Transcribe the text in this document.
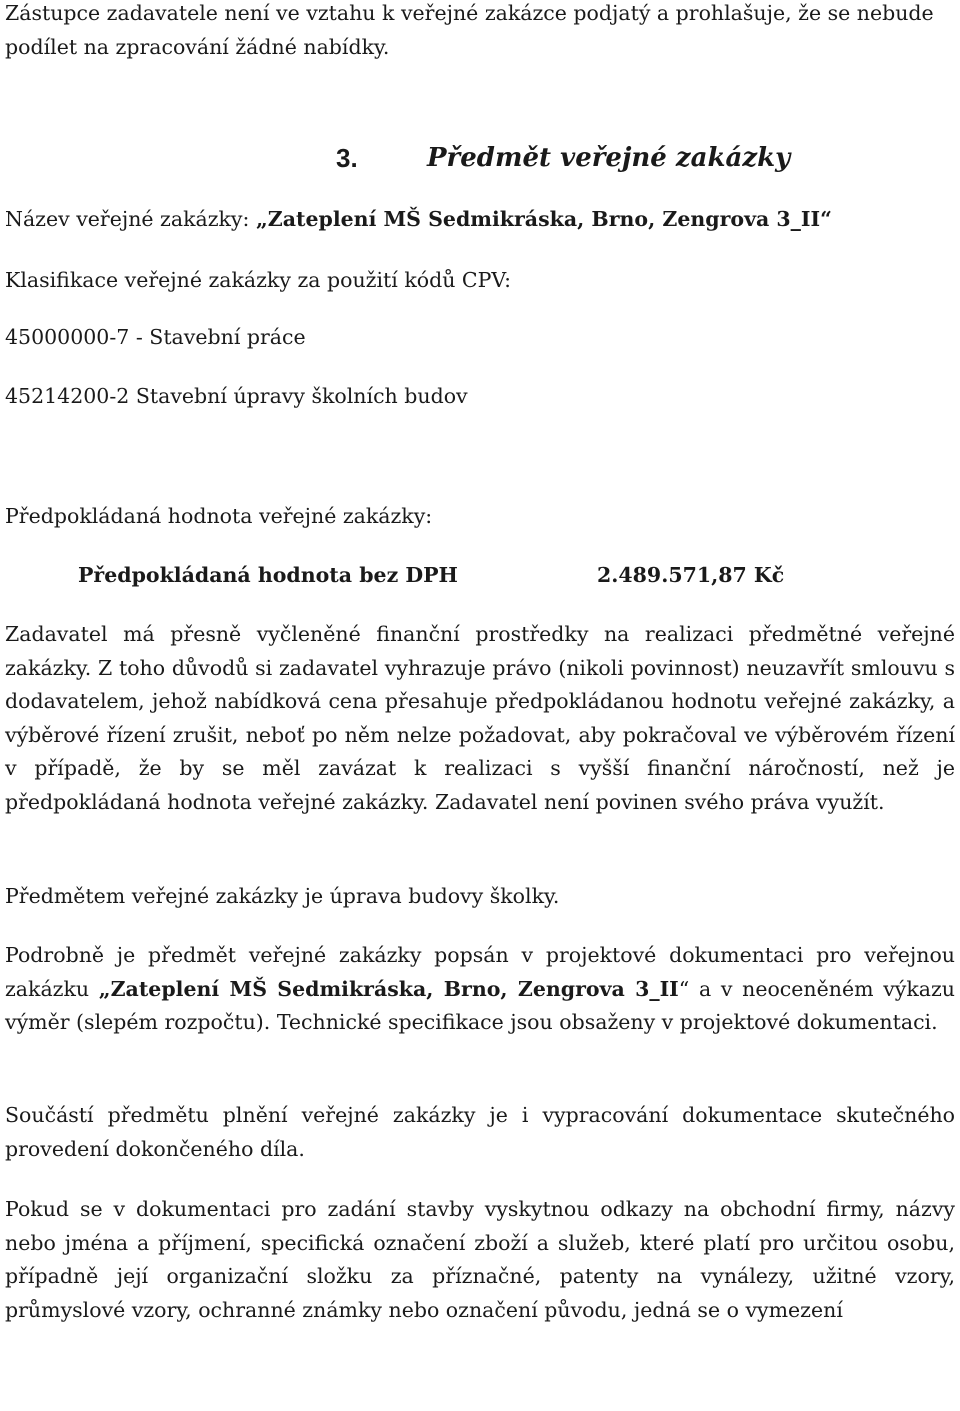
Zástupce zadavatele není ve vztahu k veřejné zakázce podjatý a prohlašuje, že se nebude podílet na zpracování žádné nabídky.

3.	Předmět veřejné zakázky

Název veřejné zakázky: „Zateplení MŠ Sedmikráska, Brno, Zengrova 3_II“

Klasifikace veřejné zakázky za použití kódů CPV:

45000000-7 - Stavební práce

45214200-2 Stavební úpravy školních budov

Předpokládaná hodnota veřejné zakázky:

Předpokládaná hodnota bez DPH	2.489.571,87 Kč

Zadavatel má přesně vyčleněné finanční prostředky na realizaci předmětné veřejné zakázky. Z toho důvodů si zadavatel vyhrazuje právo (nikoli povinnost) neuzavřít smlouvu s dodavatelem, jehož nabídková cena přesahuje předpokládanou hodnotu veřejné zakázky, a výběrové řízení zrušit, neboť po něm nelze požadovat, aby pokračoval ve výběrovém řízení v případě, že by se měl zavázat k realizaci s vyšší finanční náročností, než je předpokládaná hodnota veřejné zakázky. Zadavatel není povinen svého práva využít.

Předmětem veřejné zakázky je úprava budovy školky.

Podrobně je předmět veřejné zakázky popsán v projektové dokumentaci pro veřejnou zakázku „Zateplení MŠ Sedmikráska, Brno, Zengrova 3_II“ a v neoceněném výkazu výměr (slepém rozpočtu). Technické specifikace jsou obsaženy v projektové dokumentaci.

Součástí předmětu plnění veřejné zakázky je i vypracování dokumentace skutečného provedení dokončeného díla.

Pokud se v dokumentaci pro zadání stavby vyskytnou odkazy na obchodní firmy, názvy nebo jména a příjmení, specifická označení zboží a služeb, které platí pro určitou osobu, případně její organizační složku za příznačné, patenty na vynálezy, užitné vzory, průmyslové vzory, ochranné známky nebo označení původu, jedná se o vymezení
